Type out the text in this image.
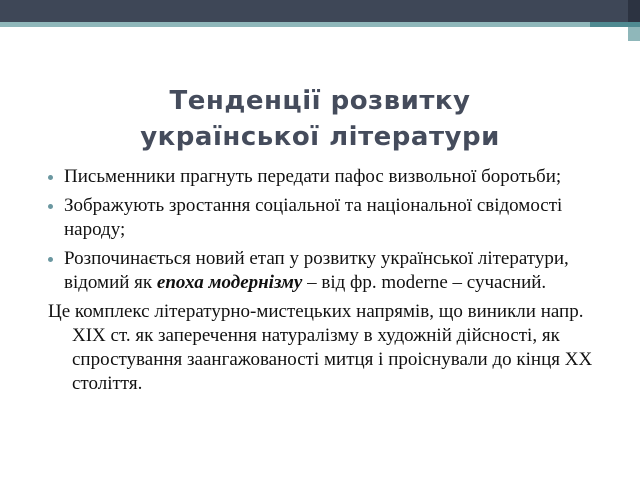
Тенденції розвитку
української літератури
Письменники прагнуть передати пафос визвольної боротьби;
Зображують зростання соціальної та національної свідомості народу;
Розпочинається новий етап у розвитку української літератури, відомий як епоха модернізму – від фр. moderne – сучасний.

Це комплекс літературно-мистецьких напрямів, що виникли напр. ХІХ ст. як заперечення натуралізму в художній дійсності, як спростування заангажованості митця і проіснували до кінця ХХ століття.
